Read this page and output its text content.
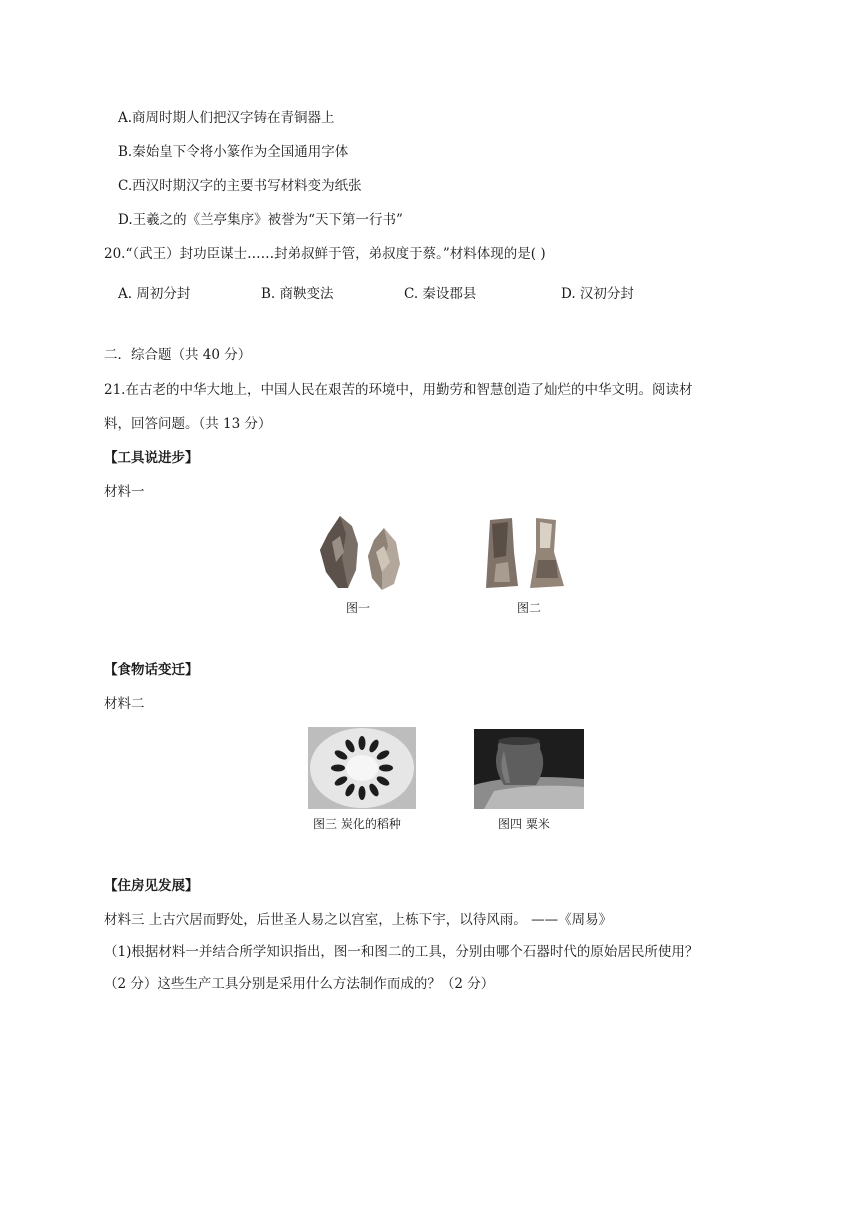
A.商周时期人们把汉字铸在青铜器上
B.秦始皇下令将小篆作为全国通用字体
C.西汉时期汉字的主要书写材料变为纸张
D.王羲之的《兰亭集序》被誉为“天下第一行书”
20.“（武王）封功臣谋士……封弟叔鲜于管，弟叔度于蔡。”材料体现的是( )
A. 周初分封	B. 商鞅变法	C. 秦设郡县	D. 汉初分封
二．综合题（共 40 分）
21.在古老的中华大地上，中国人民在艰苦的环境中，用勤劳和智慧创造了灿烂的中华文明。阅读材
料，回答问题。（共 13 分）
【工具说进步】
材料一
图一	图二
【食物话变迁】
材料二
图三 炭化的稻种	图四 粟米
【住房见发展】
材料三 上古穴居而野处，后世圣人易之以宫室，上栋下宇，以待风雨。 ——《周易》
（1)根据材料一并结合所学知识指出，图一和图二的工具，分别由哪个石器时代的原始居民所使用？
（2 分）这些生产工具分别是采用什么方法制作而成的？（2 分）
